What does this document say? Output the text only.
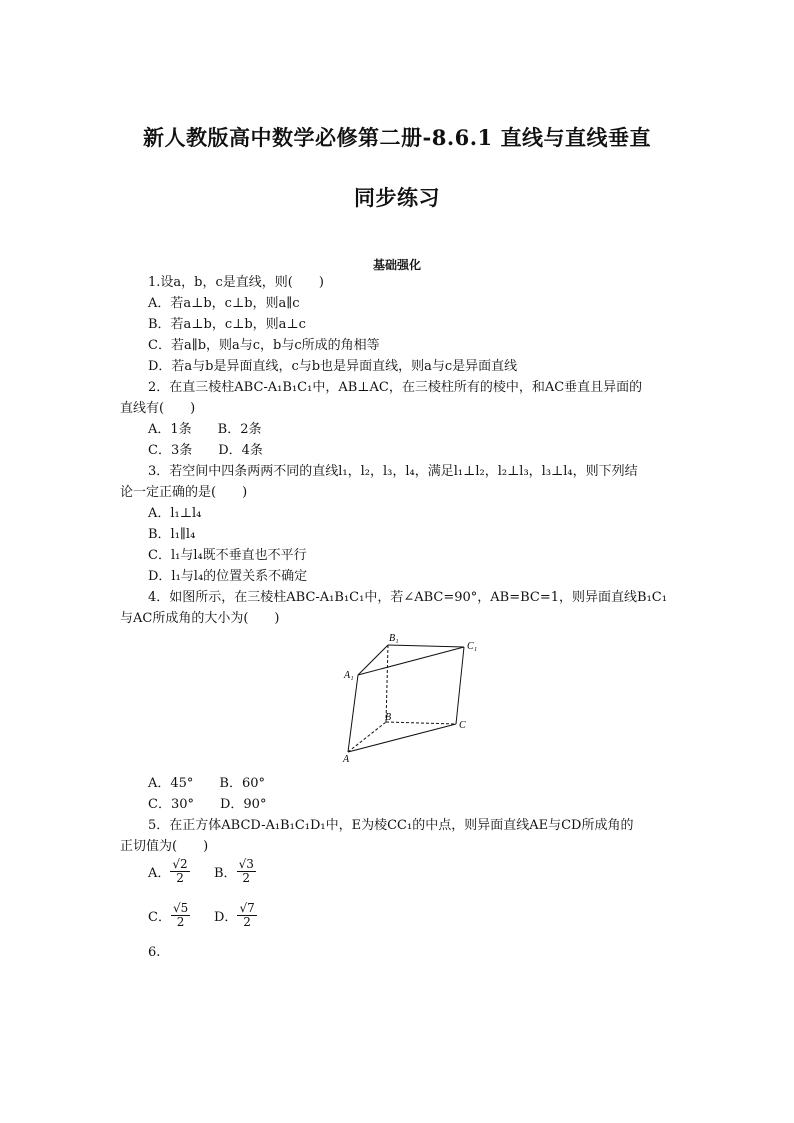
新人教版高中数学必修第二册-8.6.1 直线与直线垂直
同步练习
基础强化
1.设a，b，c是直线，则(　　)
A．若a⊥b，c⊥b，则a∥c
B．若a⊥b，c⊥b，则a⊥c
C．若a∥b，则a与c，b与c所成的角相等
D．若a与b是异面直线，c与b也是异面直线，则a与c是异面直线
2．在直三棱柱ABC-A₁B₁C₁中，AB⊥AC，在三棱柱所有的棱中，和AC垂直且异面的
直线有(　　)
A．1条　　B．2条
C．3条　　D．4条
3．若空间中四条两两不同的直线l₁，l₂，l₃，l₄，满足l₁⊥l₂，l₂⊥l₃，l₃⊥l₄，则下列结
论一定正确的是(　　)
A．l₁⊥l₄
B．l₁∥l₄
C．l₁与l₄既不垂直也不平行
D．l₁与l₄的位置关系不确定
4．如图所示，在三棱柱ABC-A₁B₁C₁中，若∠ABC=90°，AB=BC=1，则异面直线B₁C₁
与AC所成角的大小为(　　)
B₁
C₁
A₁
B
C
A
A．45°　　B．60°
C．30°　　D．90°
5．在正方体ABCD-A₁B₁C₁D₁中，E为棱CC₁的中点，则异面直线AE与CD所成角的
正切值为(　　)
A． $\frac{√2}{2}$ B． $\frac{√3}{2}$
C． $\frac{√5}{2}$ D． $\frac{√7}{2}$
6.
